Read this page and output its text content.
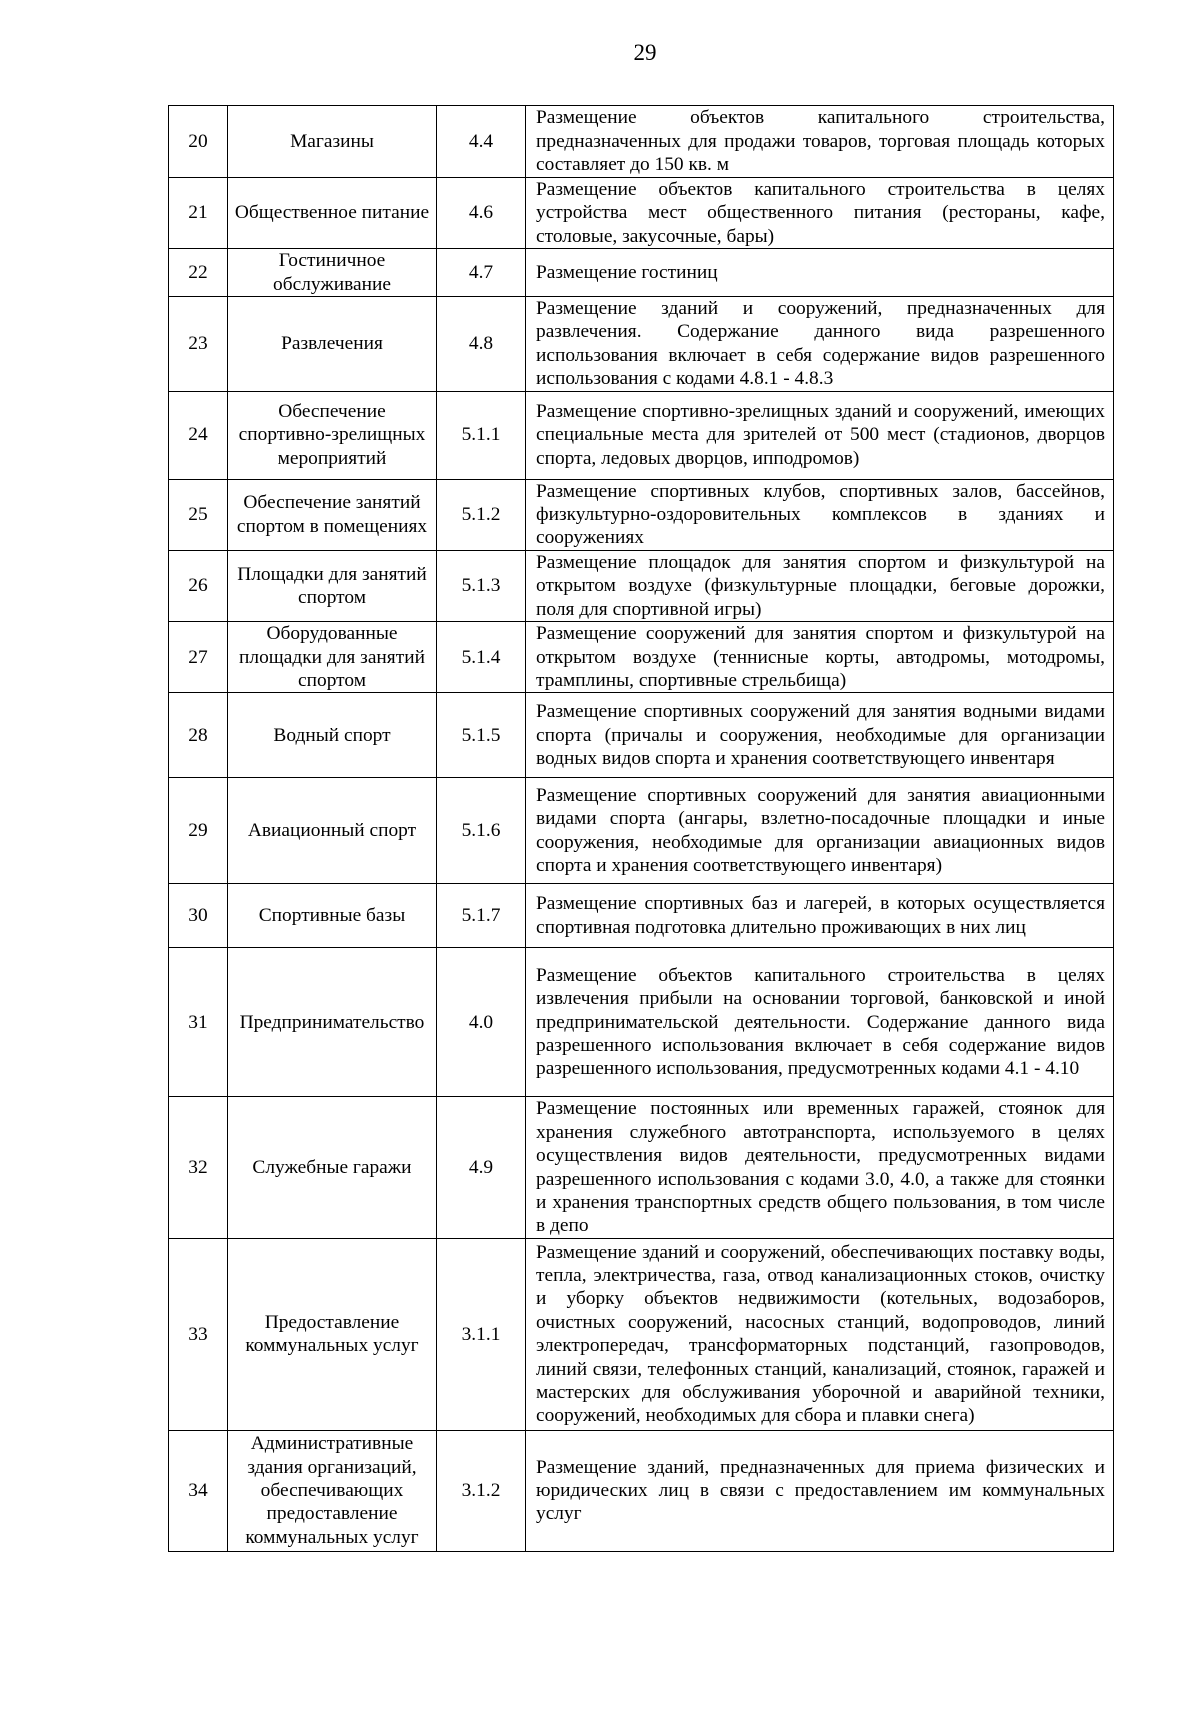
29
20	Магазины	4.4	Размещение объектов капитального строительства, предназначенных для продажи товаров, торговая площадь которых составляет до 150 кв. м
21	Общественное питание	4.6	Размещение объектов капитального строительства в целях устройства мест общественного питания (рестораны, кафе, столовые, закусочные, бары)
22	Гостиничное обслуживание	4.7	Размещение гостиниц
23	Развлечения	4.8	Размещение зданий и сооружений, предназначенных для развлечения. Содержание данного вида разрешенного использования включает в себя содержание видов разрешенного использования с кодами 4.8.1 - 4.8.3
24	Обеспечение спортивно-зрелищных мероприятий	5.1.1	Размещение спортивно-зрелищных зданий и сооружений, имеющих специальные места для зрителей от 500 мест (стадионов, дворцов спорта, ледовых дворцов, ипподромов)
25	Обеспечение занятий спортом в помещениях	5.1.2	Размещение спортивных клубов, спортивных залов, бассейнов, физкультурно-оздоровительных комплексов в зданиях и сооружениях
26	Площадки для занятий спортом	5.1.3	Размещение площадок для занятия спортом и физкультурой на открытом воздухе (физкультурные площадки, беговые дорожки, поля для спортивной игры)
27	Оборудованные площадки для занятий спортом	5.1.4	Размещение сооружений для занятия спортом и физкультурой на открытом воздухе (теннисные корты, автодромы, мотодромы, трамплины, спортивные стрельбища)
28	Водный спорт	5.1.5	Размещение спортивных сооружений для занятия водными видами спорта (причалы и сооружения, необходимые для организации водных видов спорта и хранения соответствующего инвентаря
29	Авиационный спорт	5.1.6	Размещение спортивных сооружений для занятия авиационными видами спорта (ангары, взлетно-посадочные площадки и иные сооружения, необходимые для организации авиационных видов спорта и хранения соответствующего инвентаря)
30	Спортивные базы	5.1.7	Размещение спортивных баз и лагерей, в которых осуществляется спортивная подготовка длительно проживающих в них лиц
31	Предпринимательство	4.0	Размещение объектов капитального строительства в целях извлечения прибыли на основании торговой, банковской и иной предпринимательской деятельности. Содержание данного вида разрешенного использования включает в себя содержание видов разрешенного использования, предусмотренных кодами 4.1 - 4.10
32	Служебные гаражи	4.9	Размещение постоянных или временных гаражей, стоянок для хранения служебного автотранспорта, используемого в целях осуществления видов деятельности, предусмотренных видами разрешенного использования с кодами 3.0, 4.0, а также для стоянки и хранения транспортных средств общего пользования, в том числе в депо
33	Предоставление коммунальных услуг	3.1.1	Размещение зданий и сооружений, обеспечивающих поставку воды, тепла, электричества, газа, отвод канализационных стоков, очистку и уборку объектов недвижимости (котельных, водозаборов, очистных сооружений, насосных станций, водопроводов, линий электропередач, трансформаторных подстанций, газопроводов, линий связи, телефонных станций, канализаций, стоянок, гаражей и мастерских для обслуживания уборочной и аварийной техники, сооружений, необходимых для сбора и плавки снега)
34	Административные здания организаций, обеспечивающих предоставление коммунальных услуг	3.1.2	Размещение зданий, предназначенных для приема физических и юридических лиц в связи с предоставлением им коммунальных услуг
